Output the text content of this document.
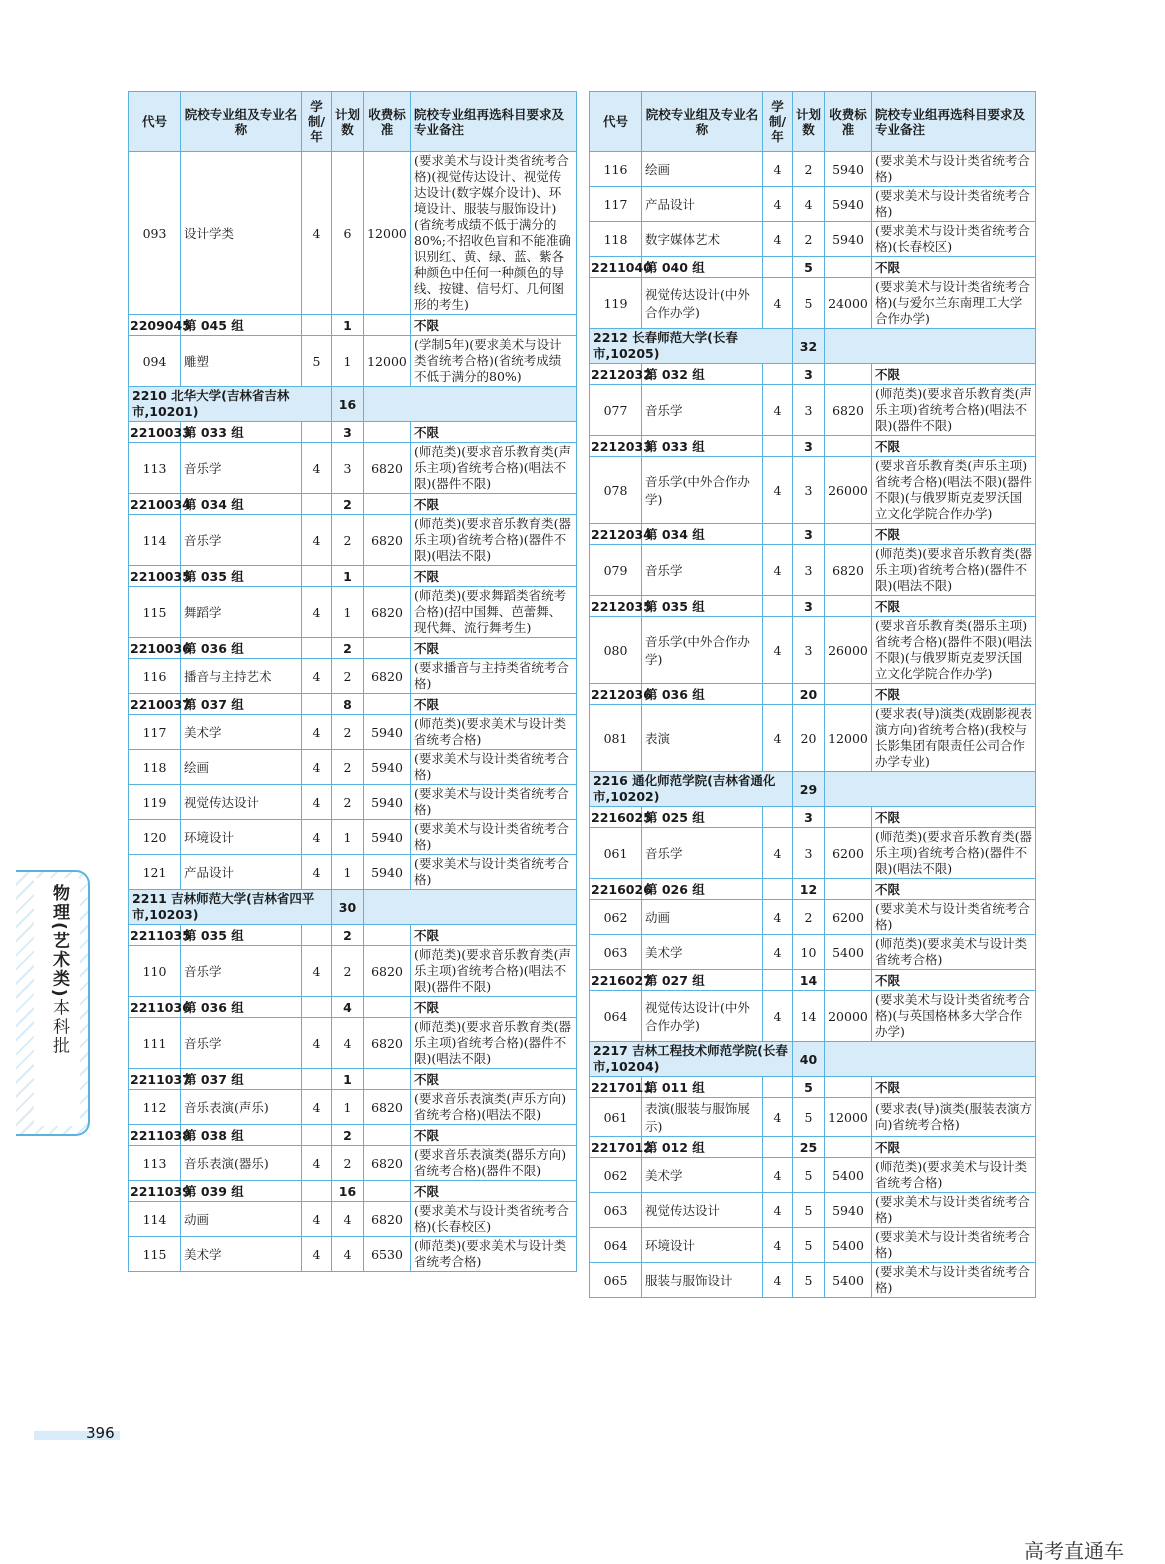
代号	院校专业组及专业名称	学制/年	计划数	收费标准	院校专业组再选科目要求及专业备注
093	设计学类	4	6	12000	(要求美术与设计类省统考合格)(视觉传达设计、视觉传达设计(数字媒介设计)、环境设计、服装与服饰设计)(省统考成绩不低于满分的80%;不招收色盲和不能准确识别红、黄、绿、蓝、紫各种颜色中任何一种颜色的导线、按键、信号灯、几何图形的考生)
2209045	第 045 组		1		不限
094	雕塑	5	1	12000	(学制5年)(要求美术与设计类省统考合格)(省统考成绩不低于满分的80%)
2210 北华大学(吉林省吉林市,10201)			16		
2210033	第 033 组		3		不限
113	音乐学	4	3	6820	(师范类)(要求音乐教育类(声乐主项)省统考合格)(唱法不限)(器件不限)
2210034	第 034 组		2		不限
114	音乐学	4	2	6820	(师范类)(要求音乐教育类(器乐主项)省统考合格)(器件不限)(唱法不限)
2210035	第 035 组		1		不限
115	舞蹈学	4	1	6820	(师范类)(要求舞蹈类省统考合格)(招中国舞、芭蕾舞、现代舞、流行舞考生)
2210036	第 036 组		2		不限
116	播音与主持艺术	4	2	6820	(要求播音与主持类省统考合格)
2210037	第 037 组		8		不限
117	美术学	4	2	5940	(师范类)(要求美术与设计类省统考合格)
118	绘画	4	2	5940	(要求美术与设计类省统考合格)
119	视觉传达设计	4	2	5940	(要求美术与设计类省统考合格)
120	环境设计	4	1	5940	(要求美术与设计类省统考合格)
121	产品设计	4	1	5940	(要求美术与设计类省统考合格)
2211 吉林师范大学(吉林省四平市,10203)			30		
2211035	第 035 组		2		不限
110	音乐学	4	2	6820	(师范类)(要求音乐教育类(声乐主项)省统考合格)(唱法不限)(器件不限)
2211036	第 036 组		4		不限
111	音乐学	4	4	6820	(师范类)(要求音乐教育类(器乐主项)省统考合格)(器件不限)(唱法不限)
2211037	第 037 组		1		不限
112	音乐表演(声乐)	4	1	6820	(要求音乐表演类(声乐方向)省统考合格)(唱法不限)
2211038	第 038 组		2		不限
113	音乐表演(器乐)	4	2	6820	(要求音乐表演类(器乐方向)省统考合格)(器件不限)
2211039	第 039 组		16		不限
114	动画	4	4	6820	(要求美术与设计类省统考合格)(长春校区)
115	美术学	4	4	6530	(师范类)(要求美术与设计类省统考合格)
代号	院校专业组及专业名称	学制/年	计划数	收费标准	院校专业组再选科目要求及专业备注
116	绘画	4	2	5940	(要求美术与设计类省统考合格)
117	产品设计	4	4	5940	(要求美术与设计类省统考合格)
118	数字媒体艺术	4	2	5940	(要求美术与设计类省统考合格)(长春校区)
2211040	第 040 组		5		不限
119	视觉传达设计(中外合作办学)	4	5	24000	(要求美术与设计类省统考合格)(与爱尔兰东南理工大学合作办学)
2212 长春师范大学(长春市,10205)			32		
2212032	第 032 组		3		不限
077	音乐学	4	3	6820	(师范类)(要求音乐教育类(声乐主项)省统考合格)(唱法不限)(器件不限)
2212033	第 033 组		3		不限
078	音乐学(中外合作办学)	4	3	26000	(要求音乐教育类(声乐主项)省统考合格)(唱法不限)(器件不限)(与俄罗斯克麦罗沃国立文化学院合作办学)
2212034	第 034 组		3		不限
079	音乐学	4	3	6820	(师范类)(要求音乐教育类(器乐主项)省统考合格)(器件不限)(唱法不限)
2212035	第 035 组		3		不限
080	音乐学(中外合作办学)	4	3	26000	(要求音乐教育类(器乐主项)省统考合格)(器件不限)(唱法不限)(与俄罗斯克麦罗沃国立文化学院合作办学)
2212036	第 036 组		20		不限
081	表演	4	20	12000	(要求表(导)演类(戏剧影视表演方向)省统考合格)(我校与长影集团有限责任公司合作办学专业)
2216 通化师范学院(吉林省通化市,10202)			29		
2216025	第 025 组		3		不限
061	音乐学	4	3	6200	(师范类)(要求音乐教育类(器乐主项)省统考合格)(器件不限)(唱法不限)
2216026	第 026 组		12		不限
062	动画	4	2	6200	(要求美术与设计类省统考合格)
063	美术学	4	10	5400	(师范类)(要求美术与设计类省统考合格)
2216027	第 027 组		14		不限
064	视觉传达设计(中外合作办学)	4	14	20000	(要求美术与设计类省统考合格)(与英国格林多大学合作办学)
2217 吉林工程技术师范学院(长春市,10204)			40		
2217011	第 011 组		5		不限
061	表演(服装与服饰展示)	4	5	12000	(要求表(导)演类(服装表演方向)省统考合格)
2217012	第 012 组		25		不限
062	美术学	4	5	5400	(师范类)(要求美术与设计类省统考合格)
063	视觉传达设计	4	5	5940	(要求美术与设计类省统考合格)
064	环境设计	4	5	5400	(要求美术与设计类省统考合格)
065	服装与服饰设计	4	5	5400	(要求美术与设计类省统考合格)
物理(艺术类)本科批
396
高考直通车
